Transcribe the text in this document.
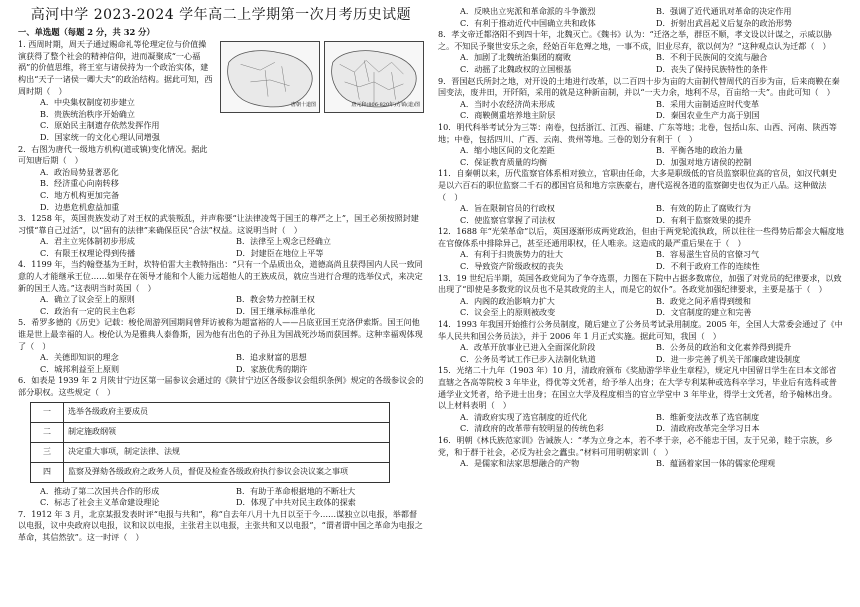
高河中学 2023-2024 学年高二上学期第一次月考历史试题
一、单选题（每题 2 分，共 32 分）

1. 西周时期，周天子通过赐命礼等伦理定位与价值操演获得了整个社会的精神信仰，进而凝聚成“一心福祸”的价值思维，将王室与诸侯持为一个政治实体，建构出“天子一诸侯一卿大夫”的政治结构。据此可知，西周时期（　）

A．中央集权制度初步建立
B．贵族统治秩序开始确立
C．原始民主制遗存依然发挥作用
D．国家统一的文化心理认同增强

2．右图为唐代一级地方机构(道或镇)变化情况。据此可知唐后期（　）

A．政治局势显著恶化
B．经济重心向南转移
C．地方机构更加完备
D．边患危机愈益加重
唐朝十道图	唐元和(806-820年)方镇(道)图

3．1258 年，英国贵族发动了对王权的武装叛乱，并声称要“让法律凌驾于国王的尊严之上”，国王必须按照封建习惯“靠自己过活”，以“固有的法律”来确保臣民“合法”权益。这说明当时（　）

A．君主立宪体制初步形成	B．法律至上观念已经确立
C．有限王权理论得到传播	D．封建臣在地位上平等

4．1199 年，当约翰登基为王时，坎特伯雷大主教特指出：“只有一个品质出众，道德高尚且获得国内人民一致同意的人才能继承王位……如果存在领导才能和个人能力远超他人的王族成员，就应当进行合理的选举仪式，来决定新的国王人选。”这表明当时英国（　）

A．确立了议会至上的原则	B．教会势力控制王权
C．政治有一定的民主色彩	D．国王继承标准单化

5．希罗多德的《历史》记载：梭伦周游列国期间曾拜访被称为超富裕的人——吕底亚国王克洛伊索斯。国王问他谁是世上最幸福的人。梭伦认为是雅典人泰鲁斯，因为他有出色的子孙且为国战死沙场而获国葬。这种幸福观体现了（　）

A．关德即知识的理念	B．追求财富的思想
C．城邦利益至上原则	D．家族优秀的期许

6．如表是 1939 年 2 月陕甘宁边区第一届参议会通过的《陕甘宁边区各级参议会组织条例》规定的各级参议会的部分职权。这些规定（　）

一	选举各级政府主要成员
二	制定施政纲领
三	决定重大事项，制定法律、法规
四	监察及弹劾各级政府之政务人员，督促及检查各级政府执行参议会决议案之事项
A．推动了第二次国共合作的形成	B．有助于革命根据地的不断壮大
C．标志了社会主义革命建设理论	D．体现了中共对民主政体的探索

7．1912 年 3 月，北京某报发表时评“电报与共和”，称“自去年八月十九日以至于今……谋独立以电报，举都督以电报，议中央政府以电报，议和议以电报，主张君主以电报，主张共和又以电报”，“谓者谓中国之革命为电报之革命，其信然欤”。这一时评（　）

A．反映出立宪派和革命派的斗争激烈	B．强调了近代通讯对革命的决定作用
C．有利于推动近代中国确立共和政体	D．折射出武昌起义后复杂的政治形势

8．孝文帝迁都洛阳不到四十年，北魏灭亡。《魏书》认为：“迁洛之举，群臣不顺，孝文设以计谋之，示威以胁之。不知民予聚世安乐之余，经始百年危殚之地，一事不成，旧业尽弃，欲以何为？”这种观点认为迁都（　）

A．加剧了北魏统治集团的腐败	B．不利于民族间的交流与融合
C．动摇了北魏政权的立国根基	D．丧失了保持民族特性的条件

9．晋国赵氏所封之地，对开设的土地进行改革，以二百四十步为亩的大亩制代替周代的百步为亩，后来商鞅在秦国变法，废井田，开阡陌，采用的就是这种新亩制，并以“一夫力余，地利不尽，百亩给一夫”。由此可知（　）

A．当时小农经济尚未形成	B．采用大亩制适应时代变革
C．商鞅侧重培养地主阶层	D．秦国农业生产力高于别国

10．明代科举考试分为三等：南卷，包括浙江、江西、福建、广东等地；北卷，包括山东、山西、河南、陕西等地；中卷，包括四川、广西、云南、贵州等地。三卷的划分有利于（　）

A．缩小地区间的文化差距	B．平衡各地的政治力量
C．保证教育质量的均衡	D．加强对地方诸侯的控制

11．自秦朝以来，历代监察官体系相对独立，官职由任命，大多是职级低的官员监察职位高的官员，如汉代刺史是以六百石的职位监察二千石的郡国官员和地方宗族豪右，唐代巡视各道的监察御史也仅为正八品。这种做法（　）

A．旨在限制官员的行政权	B．有效的防止了腐败行为
C．使监察官掌握了司法权	D．有利于监察效果的提升

12．1688 年“光荣革命”以后，英国逐渐形成两党政治，但由于两党轮流执政，所以往往一些得势后都会大幅度地在官僚体系中排除异己，甚至还通用职权，任人唯亲。这造成的最严重后果在于（　）

A．有利于扫贵族势力的壮大	B．容易滋生官员的官僚习气
C．导致资产阶级政权的丧失	D．不利于政府工作的连续性

13．19 世纪后半期，英国各政党间为了争夺选票，力图在下院中占据多数席位，加强了对党员的纪律要求，以致出现了“即使是多数党的议员也不是其政党的主人，而是它的奴仆”。各政党加强纪律要求，主要是基于（　）

A．内阁的政治影响力扩大	B．政党之间矛盾得到缓和
C．议会至上的原则被改变	D．文官制度的建立和完善

14．1993 年我国开始推行公务员制度，随后建立了公务员考试录用制度。2005 年，全国人大常委会通过了《中华人民共和国公务员法》，并于 2006 年 1 月正式实施。据此可知，我国（　）

A．改革开放事业已进入全面深化阶段	B．公务员的政治和文化素养得到提升
C．公务员考试工作已步入法制化轨道	D．进一步完善了机关干部廉政建设制度

15．光绪二十九年（1903 年）10 月，清政府颁布《奖励游学毕业生章程》，规定凡中国留日学生在日本文部省直辖之各高等院校 3 年毕业，得优等文凭者，给予举人出身；在大学专利某种或选科卒学习，毕业后有选科或普通学业文凭者，给予进士出身；在国立大学及程度相当的官立学堂中 3 年毕业，得学士文凭者，给予翰林出身。以上材料表明（　）

A．清政府实现了选官制度的近代化	B．维新变法改革了选官制度
C．清政府的改革带有较明显的传统色彩	D．清政府改革完全学习日本

16．明朝《林氏族范家训》告诫族人：“孝为立身之本，若不孝于亲，必不能忠于国，友于兄弟，睦于宗族，乡党，和于群于社会，必反为社会之蠹虫。”材料可用明朝家训（　）

A．是儒家和法家思想融合的产物	B．蕴涵着家国一体的儒家伦理观
